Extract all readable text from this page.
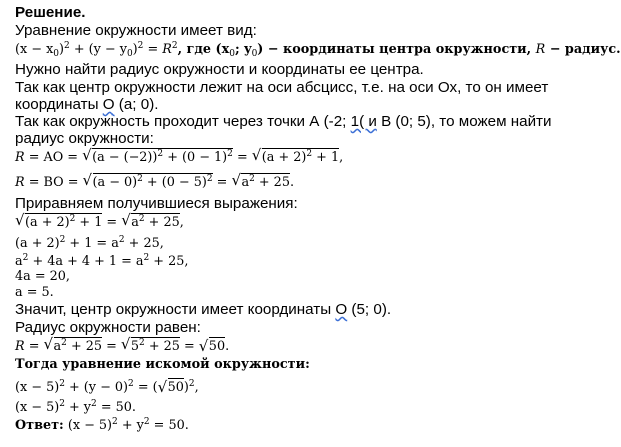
Решение.
Уравнение окружности имеет вид:
$(x - x_0)^2 + (y - y_0)^2 = R^2$, где ($x_0$; $y_0$) − координаты центра окружности, R − радиус.
Нужно найти радиус окружности и координаты ее центра.
Так как центр окружности лежит на оси абсцисс, т.е. на оси Ох, то он имеет
координаты О (а; 0).
Так как окружность проходит через точки А (-2; 1( и В (0; 5), то можем найти
радиус окружности:
R = AO = √ $(a - (-2))^2 + (0 - 1)^2$ = √ $(a + 2)^2 + 1$,
R = BO = √ $(a - 0)^2 + (0 - 5)^2$ = √ $a^2 + 25$.
Приравняем получившиеся выражения:
√ $(a + 2)^2 + 1$ = √ $a^2 + 25$,
$(a + 2)^2 + 1 = a^2 + 25$,
$a^2 + 4a + 4 + 1 = a^2 + 25$,
4a = 20,
a = 5.
Значит, центр окружности имеет координаты О (5; 0).
Радиус окружности равен:
R = √ $a^2 + 25$ = √ $5^2 + 25$ = √ 50.
Тогда уравнение искомой окружности:
$(x - 5)^2 + (y - 0)^2$ = (√ 50)$^2$,
$(x - 5)^2 + y^2 = 50$.
Ответ: $(x - 5)^2 + y^2 = 50$.
